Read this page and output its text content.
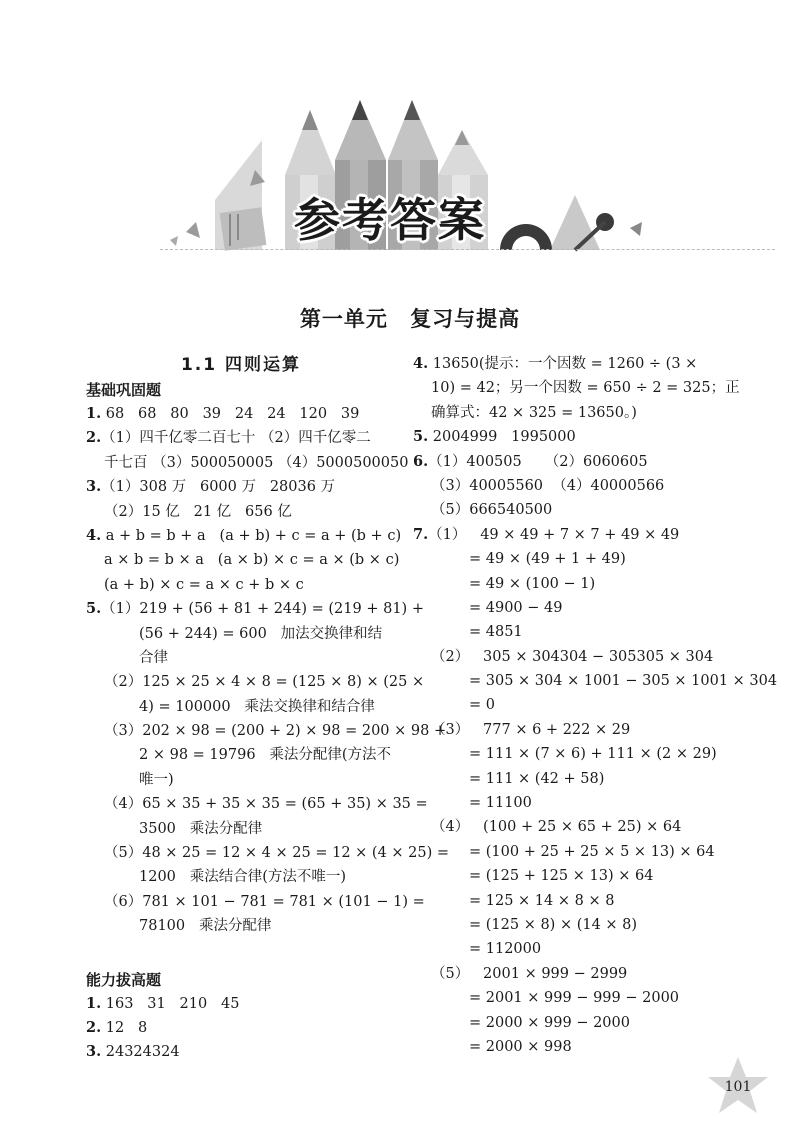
参考答案
第一单元 复习与提高
1.1 四则运算
基础巩固题
1. 68   68   80   39   24   24   120   39
2.（1）四千亿零二百七十 （2）四千亿零二
千七百 （3）500050005 （4）5000500050
3.（1）308 万   6000 万   28036 万
（2）15 亿   21 亿   656 亿
4. a + b = b + a   (a + b) + c = a + (b + c)
a × b = b × a   (a × b) × c = a × (b × c)
(a + b) × c = a × c + b × c
5.（1）219 + (56 + 81 + 244) = (219 + 81) +
(56 + 244) = 600   加法交换律和结
合律
（2）125 × 25 × 4 × 8 = (125 × 8) × (25 ×
4) = 100000   乘法交换律和结合律
（3）202 × 98 = (200 + 2) × 98 = 200 × 98 +
2 × 98 = 19796   乘法分配律(方法不
唯一)
（4）65 × 35 + 35 × 35 = (65 + 35) × 35 =
3500   乘法分配律
（5）48 × 25 = 12 × 4 × 25 = 12 × (4 × 25) =
1200   乘法结合律(方法不唯一)
（6）781 × 101 − 781 = 781 × (101 − 1) =
78100   乘法分配律
能力拔高题
1. 163   31   210   45
2. 12   8
3. 24324324
4. 13650(提示：一个因数 = 1260 ÷ (3 ×
10) = 42；另一个因数 = 650 ÷ 2 = 325；正
确算式：42 × 325 = 13650。)
5. 2004999   1995000
6.（1）400505     （2）6060605
（3）40005560  （4）40000566
（5）666540500
7.（1）   49 × 49 + 7 × 7 + 49 × 49
= 49 × (49 + 1 + 49)
= 49 × (100 − 1)
= 4900 − 49
= 4851
（2）   305 × 304304 − 305305 × 304
= 305 × 304 × 1001 − 305 × 1001 × 304
= 0
（3）   777 × 6 + 222 × 29
= 111 × (7 × 6) + 111 × (2 × 29)
= 111 × (42 + 58)
= 11100
（4）   (100 + 25 × 65 + 25) × 64
= (100 + 25 + 25 × 5 × 13) × 64
= (125 + 125 × 13) × 64
= 125 × 14 × 8 × 8
= (125 × 8) × (14 × 8)
= 112000
（5）   2001 × 999 − 2999
= 2001 × 999 − 999 − 2000
= 2000 × 999 − 2000
= 2000 × 998
101
